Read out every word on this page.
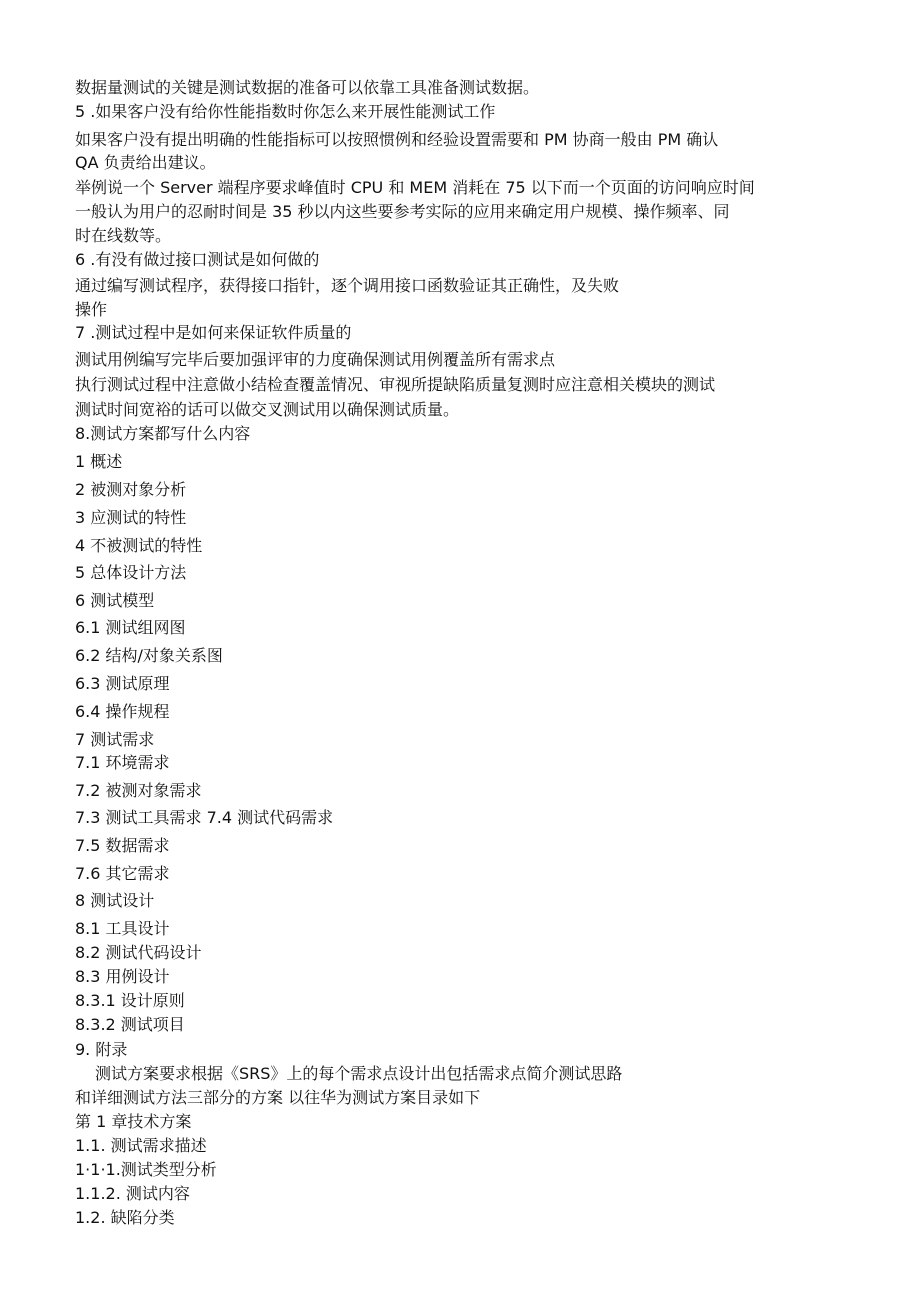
数据量测试的关键是测试数据的准备可以依靠工具准备测试数据。
5 .如果客户没有给你性能指数时你怎么来开展性能测试工作
如果客户没有提出明确的性能指标可以按照惯例和经验设置需要和 PM 协商一般由 PM 确认
QA 负责给出建议。
举例说一个 Server 端程序要求峰值时 CPU 和 MEM 消耗在 75 以下而一个页面的访问响应时间
一般认为用户的忍耐时间是 35 秒以内这些要参考实际的应用来确定用户规模、操作频率、同
时在线数等。
6 .有没有做过接口测试是如何做的
通过编写测试程序，获得接口指针，逐个调用接口函数验证其正确性，及失败
操作
7 .测试过程中是如何来保证软件质量的
测试用例编写完毕后要加强评审的力度确保测试用例覆盖所有需求点
执行测试过程中注意做小结检查覆盖情况、审视所提缺陷质量复测时应注意相关模块的测试
测试时间宽裕的话可以做交叉测试用以确保测试质量。
8.测试方案都写什么内容
1 概述
2 被测对象分析
3 应测试的特性
4 不被测试的特性
5 总体设计方法
6 测试模型
6.1 测试组网图
6.2 结构/对象关系图
6.3 测试原理
6.4 操作规程
7 测试需求
7.1 环境需求
7.2 被测对象需求
7.3 测试工具需求 7.4 测试代码需求
7.5 数据需求
7.6 其它需求
8 测试设计
8.1 工具设计
8.2 测试代码设计
8.3 用例设计
8.3.1 设计原则
8.3.2 测试项目
9. 附录
测试方案要求根据《SRS》上的每个需求点设计出包括需求点简介测试思路
和详细测试方法三部分的方案 以往华为测试方案目录如下
第 1 章技术方案
1.1. 测试需求描述
1·1·1.测试类型分析
1.1.2. 测试内容
1.2. 缺陷分类
